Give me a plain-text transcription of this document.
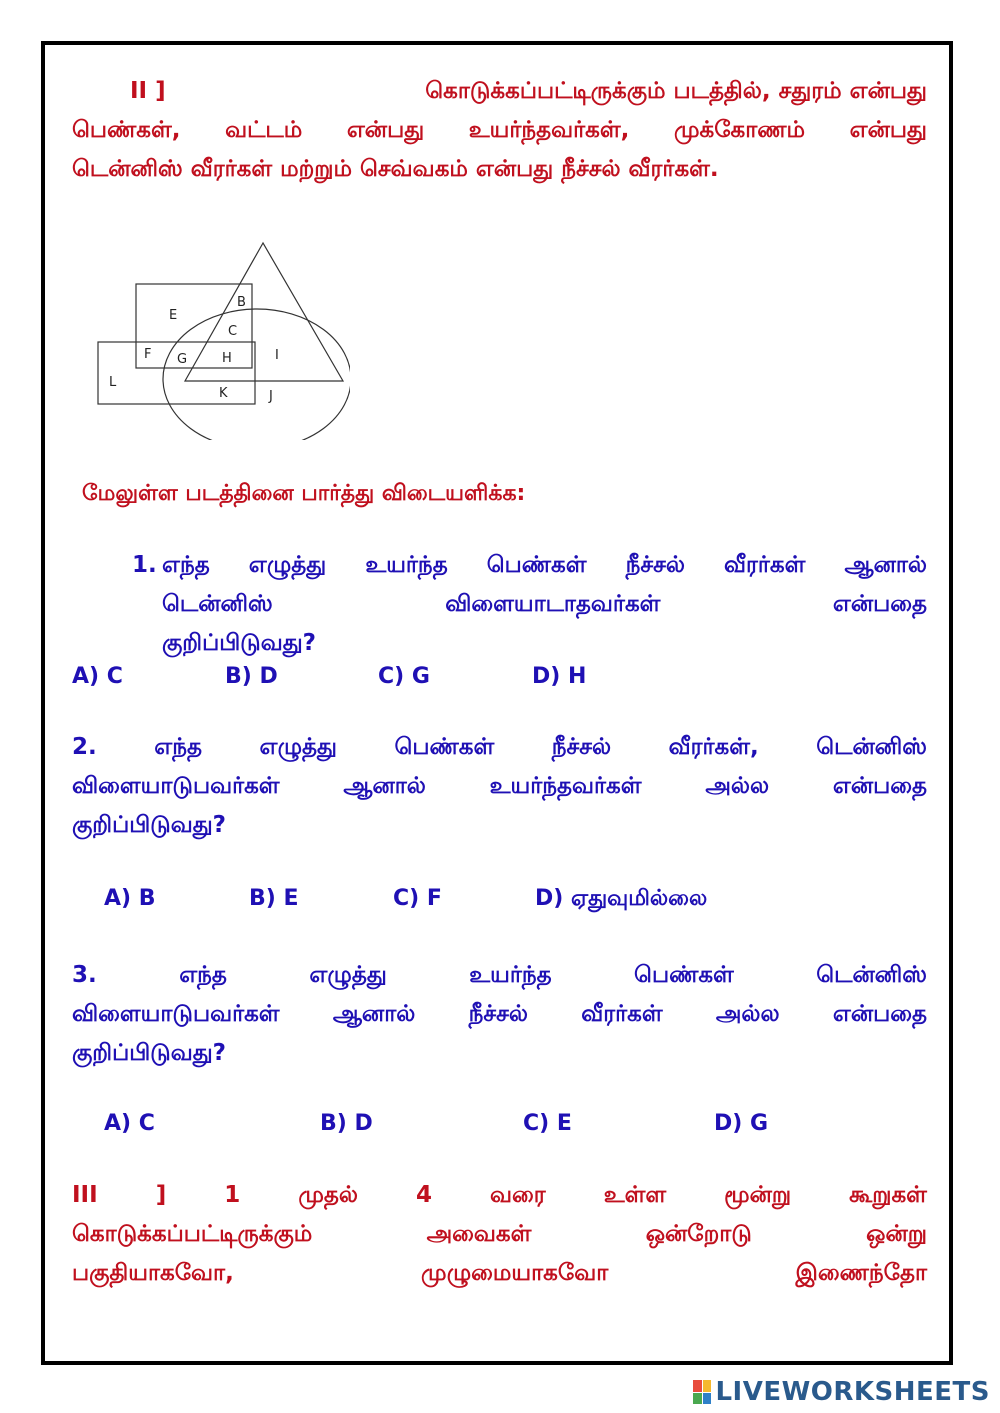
II ]	கொடுக்கப்பட்டிருக்கும் படத்தில், சதுரம் என்பது
பெண்கள், வட்டம் என்பது உயர்ந்தவர்கள், முக்கோணம் என்பது
டென்னிஸ் வீரர்கள் மற்றும் செவ்வகம் என்பது நீச்சல் வீரர்கள்.
E
B
C
F G	H	I
L
K	J
மேலுள்ள படத்தினை பார்த்து விடையளிக்க:
1. எந்த எழுத்து உயர்ந்த பெண்கள் நீச்சல் வீரர்கள் ஆனால்
டென்னிஸ்	விளையாடாதவர்கள்	என்பதை
குறிப்பிடுவது?
A) C	B) D	C) G	D) H
2.	எந்த	எழுத்து	பெண்கள்	நீச்சல்	வீரர்கள்,	டென்னிஸ்
விளையாடுபவர்கள் ஆனால் உயர்ந்தவர்கள் அல்ல என்பதை
குறிப்பிடுவது?
A) B	B) E	C) F	D) ஏதுவுமில்லை
3.	எந்த	எழுத்து	உயர்ந்த	பெண்கள்	டென்னிஸ்
விளையாடுபவர்கள் ஆனால் நீச்சல் வீரர்கள் அல்ல என்பதை
குறிப்பிடுவது?
A) C	B) D	C) E	D) G
III	]	1	முதல்	4	வரை	உள்ள	மூன்று	கூறுகள்
கொடுக்கப்பட்டிருக்கும்	அவைகள்	ஒன்றோடு	ஒன்று
பகுதியாகவோ,	முழுமையாகவோ	இணைந்தோ
LIVEWORKSHEETS
